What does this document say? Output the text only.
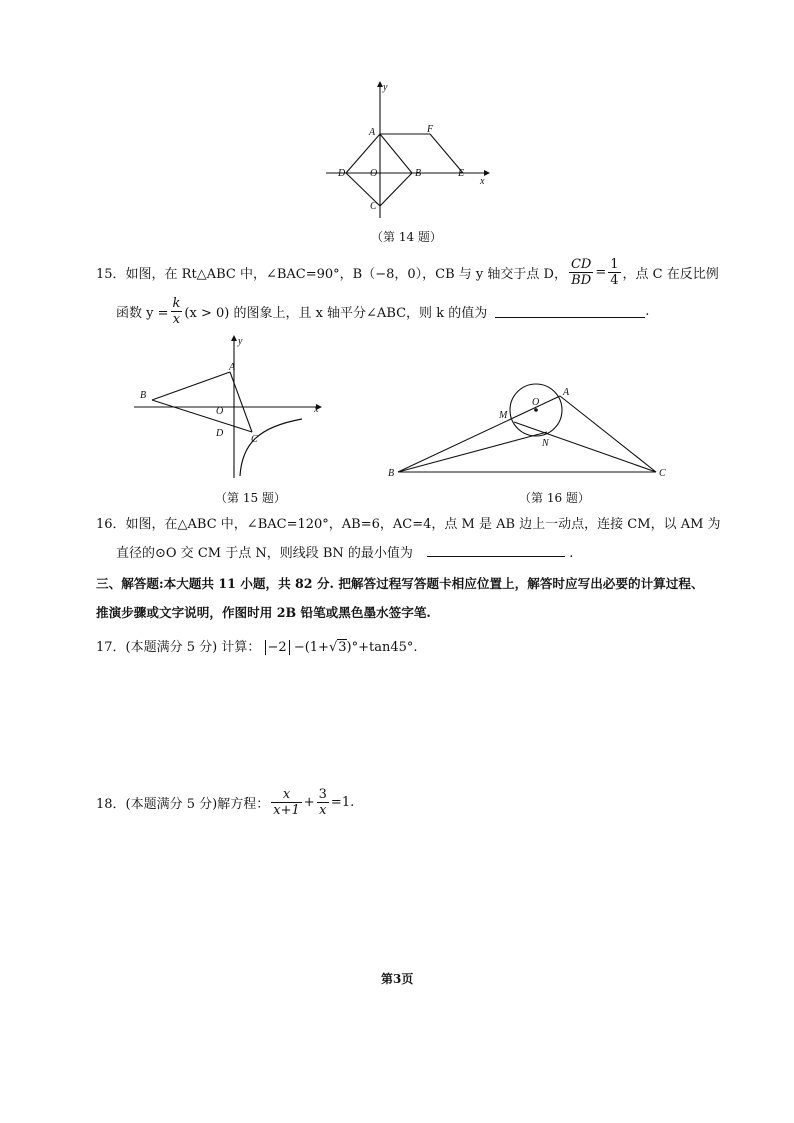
y
x
A	F
D O	B	E
C
（第 14 题）
15．如图，在 Rt△ABC 中，∠BAC=90°，B（−8，0），CB 与 y 轴交于点 D， $\frac{CD}{BD} = \frac{1}{4}$ ，点 C 在反比例
函数 $y = \frac{k}{x} (x > 0)$ 的图象上，且 x 轴平分∠ABC，则 k 的值为	.
y
x
A
B
O
D
C
（第 15 题）
O
A
M
N
B	C
（第 16 题）
16．如图，在△ABC 中，∠BAC=120°，AB=6，AC=4，点 M 是 AB 边上一动点，连接 CM，以 AM 为
直径的⊙O 交 CM 于点 N，则线段 BN 的最小值为	.
三、解答题:本大题共 11 小题，共 82 分. 把解答过程写答题卡相应位置上，解答时应写出必要的计算过程、
推演步骤或文字说明，作图时用 2B 铅笔或黑色墨水签字笔.
17．(本题满分 5 分) 计算： −2 −(1+√3)°+tan45°.
18．(本题满分 5 分)解方程： $\frac{x}{x+1} + \frac{3}{x} =1$.
第3页
